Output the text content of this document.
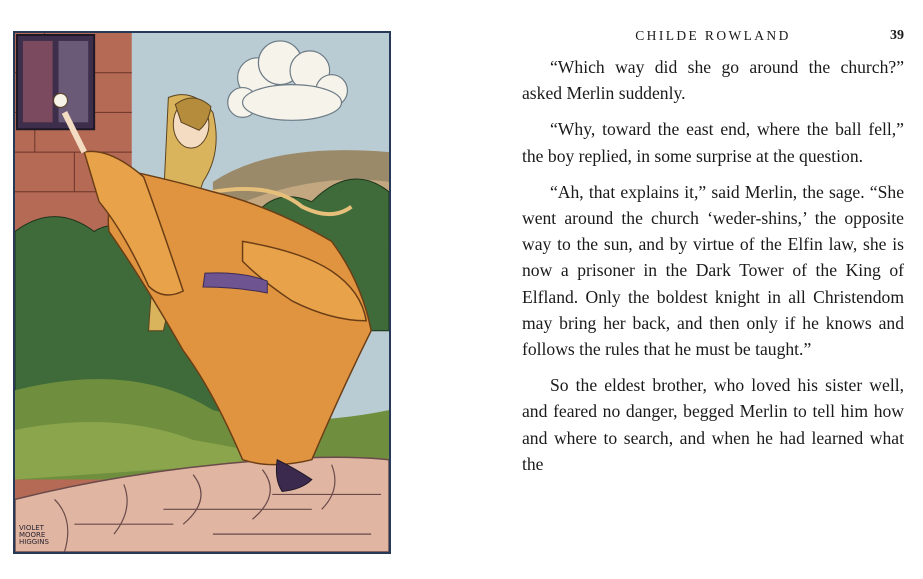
VIOLET
MOORE
HIGGINS
CHILDE ROWLAND	39

“Which way did she go around the church?” asked Merlin suddenly.

“Why, toward the east end, where the ball fell,” the boy replied, in some surprise at the question.

“Ah, that explains it,” said Merlin, the sage. “She went around the church ‘weder-shins,’ the opposite way to the sun, and by virtue of the Elfin law, she is now a prisoner in the Dark Tower of the King of Elfland. Only the boldest knight in all Christendom may bring her back, and then only if he knows and follows the rules that he must be taught.”

So the eldest brother, who loved his sister well, and feared no danger, begged Merlin to tell him how and where to search, and when he had learned what the
